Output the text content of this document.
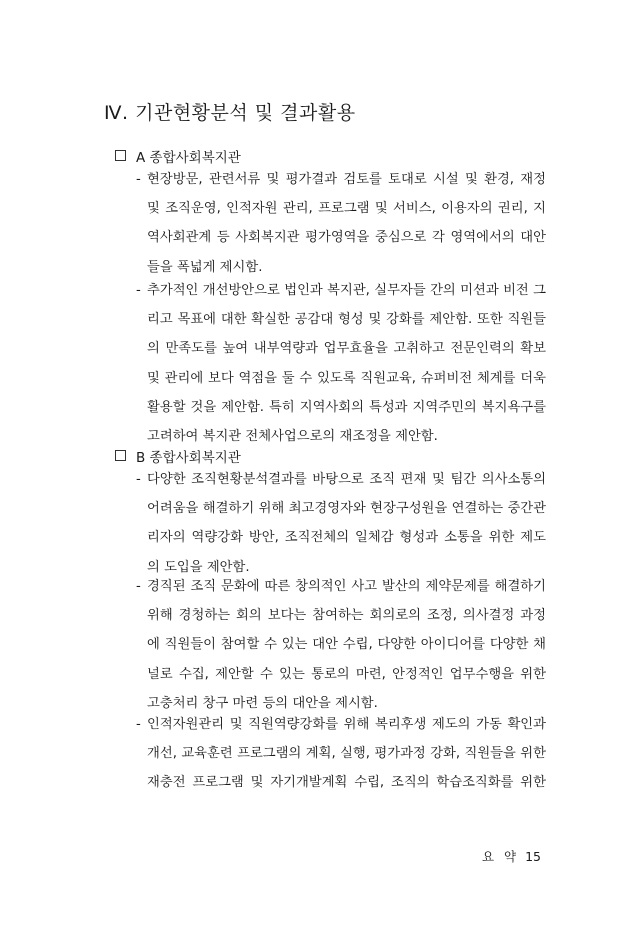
Ⅳ. 기관현황분석 및 결과활용
A 종합사회복지관
- 현장방문, 관련서류 및 평가결과 검토를 토대로 시설 및 환경, 재정
및 조직운영, 인적자원 관리, 프로그램 및 서비스, 이용자의 권리, 지
역사회관계 등 사회복지관 평가영역을 중심으로 각 영역에서의 대안
들을 폭넓게 제시함.
- 추가적인 개선방안으로 법인과 복지관, 실무자들 간의 미션과 비전 그
리고 목표에 대한 확실한 공감대 형성 및 강화를 제안함. 또한 직원들
의 만족도를 높여 내부역량과 업무효율을 고취하고 전문인력의 확보
및 관리에 보다 역점을 둘 수 있도록 직원교육, 슈퍼비전 체계를 더욱
활용할 것을 제안함. 특히 지역사회의 특성과 지역주민의 복지욕구를
고려하여 복지관 전체사업으로의 재조정을 제안함.
B 종합사회복지관
- 다양한 조직현황분석결과를 바탕으로 조직 편재 및 팀간 의사소통의
어려움을 해결하기 위해 최고경영자와 현장구성원을 연결하는 중간관
리자의 역량강화 방안, 조직전체의 일체감 형성과 소통을 위한 제도
의 도입을 제안함.
- 경직된 조직 문화에 따른 창의적인 사고 발산의 제약문제를 해결하기
위해 경청하는 회의 보다는 참여하는 회의로의 조정, 의사결정 과정
에 직원들이 참여할 수 있는 대안 수립, 다양한 아이디어를 다양한 채
널로 수집, 제안할 수 있는 통로의 마련, 안정적인 업무수행을 위한
고충처리 창구 마련 등의 대안을 제시함.
- 인적자원관리 및 직원역량강화를 위해 복리후생 제도의 가동 확인과
개선, 교육훈련 프로그램의 계획, 실행, 평가과정 강화, 직원들을 위한
재충전 프로그램 및 자기개발계획 수립, 조직의 학습조직화를 위한
요 약 15
